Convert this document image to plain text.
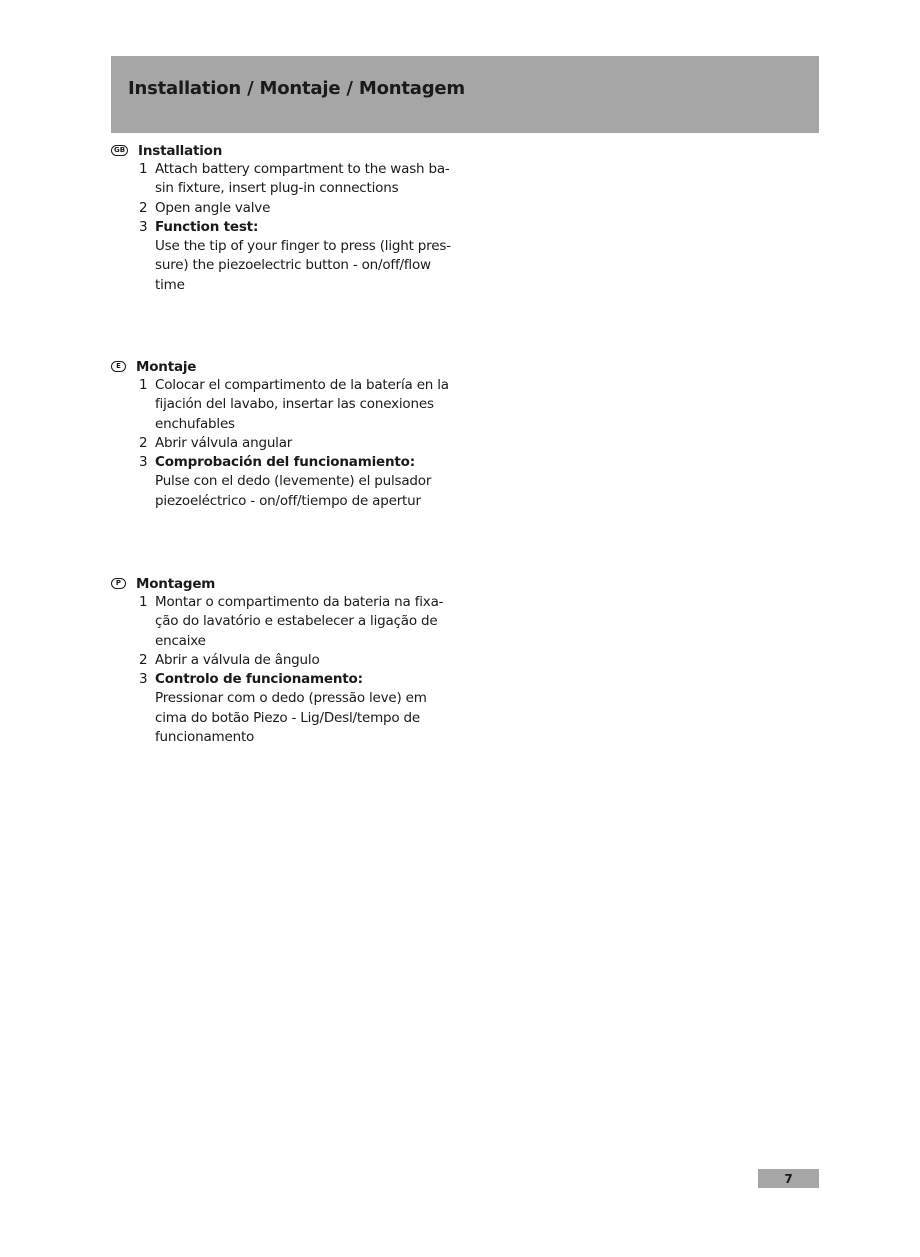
Installation / Montaje / Montagem
GB Installation
1 Attach battery compartment to the wash ba-
sin fixture, insert plug-in connections
2 Open angle valve
3 Function test:
Use the tip of your finger to press (light pres-
sure) the piezoelectric button - on/off/flow
time
E	Montaje
1 Colocar el compartimento de la batería en la
fijación del lavabo, insertar las conexiones
enchufables
2 Abrir válvula angular
3 Comprobación del funcionamiento:
Pulse con el dedo (levemente) el pulsador
piezoeléctrico - on/off/tiempo de apertur
P	Montagem
1 Montar o compartimento da bateria na fixa-
ção do lavatório e estabelecer a ligação de
encaixe
2 Abrir a válvula de ângulo
3 Controlo de funcionamento:
Pressionar com o dedo (pressão leve) em
cima do botão Piezo - Lig/Desl/tempo de
funcionamento
7
